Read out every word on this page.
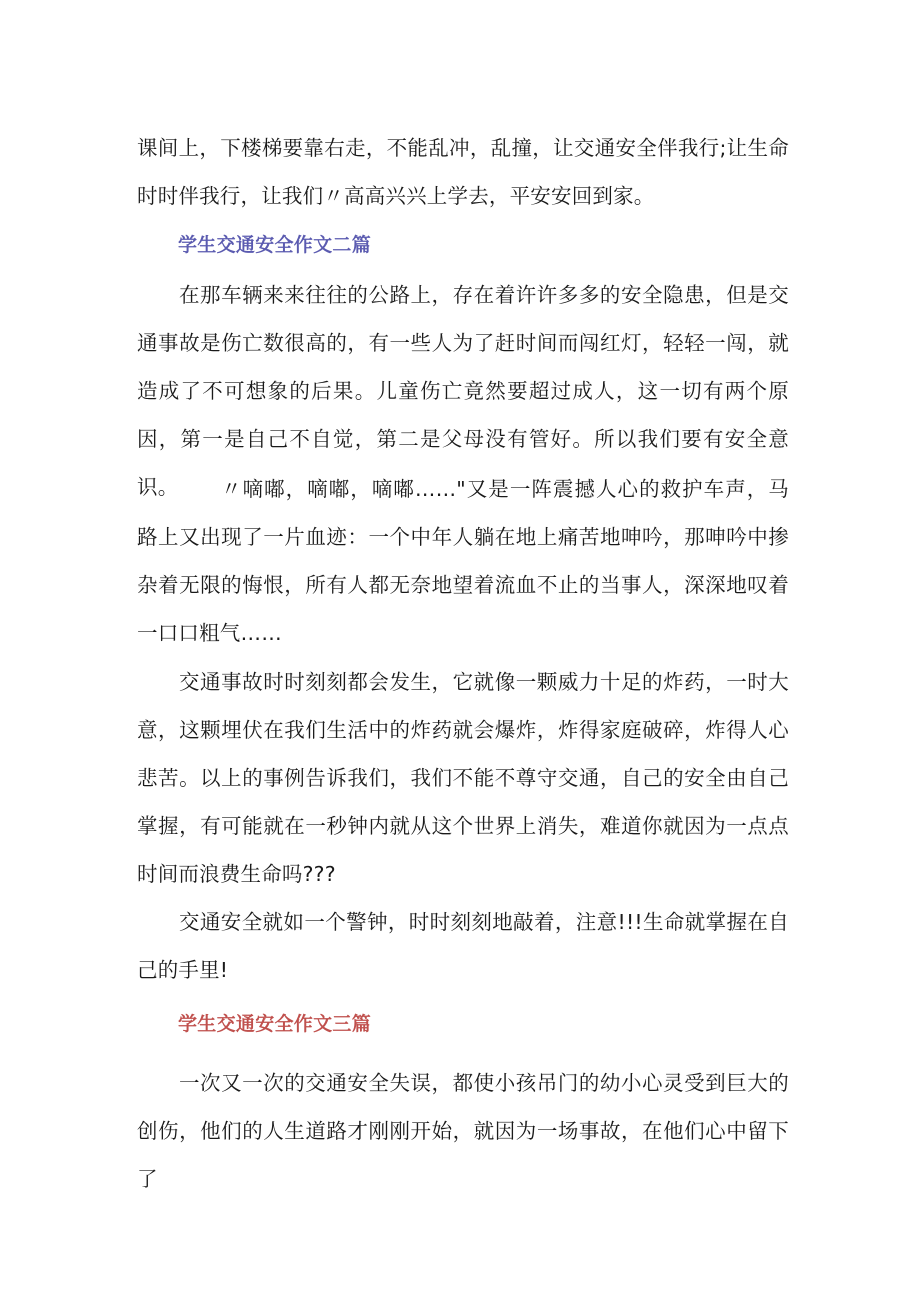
课间上，下楼梯要靠右走，不能乱冲，乱撞，让交通安全伴我行;让生命时时伴我行，让我们〃高高兴兴上学去，平安安回到家。

学生交通安全作文二篇

在那车辆来来往往的公路上，存在着许许多多的安全隐患，但是交通事故是伤亡数很高的，有一些人为了赶时间而闯红灯，轻轻一闯，就造成了不可想象的后果。儿童伤亡竟然要超过成人，这一切有两个原因，第一是自己不自觉，第二是父母没有管好。所以我们要有安全意识。	〃嘀嘟，嘀嘟，嘀嘟……"又是一阵震撼人心的救护车声，马路上又出现了一片血迹：一个中年人躺在地上痛苦地呻吟，那呻吟中掺杂着无限的悔恨，所有人都无奈地望着流血不止的当事人，深深地叹着一口口粗气……

交通事故时时刻刻都会发生，它就像一颗威力十足的炸药，一时大意，这颗埋伏在我们生活中的炸药就会爆炸，炸得家庭破碎，炸得人心悲苦。以上的事例告诉我们，我们不能不尊守交通，自己的安全由自己掌握，有可能就在一秒钟内就从这个世界上消失，难道你就因为一点点时间而浪费生命吗???

交通安全就如一个警钟，时时刻刻地敲着，注意!!!生命就掌握在自己的手里!

学生交通安全作文三篇

一次又一次的交通安全失误，都使小孩吊门的幼小心灵受到巨大的创伤，他们的人生道路才刚刚开始，就因为一场事故，在他们心中留下了
